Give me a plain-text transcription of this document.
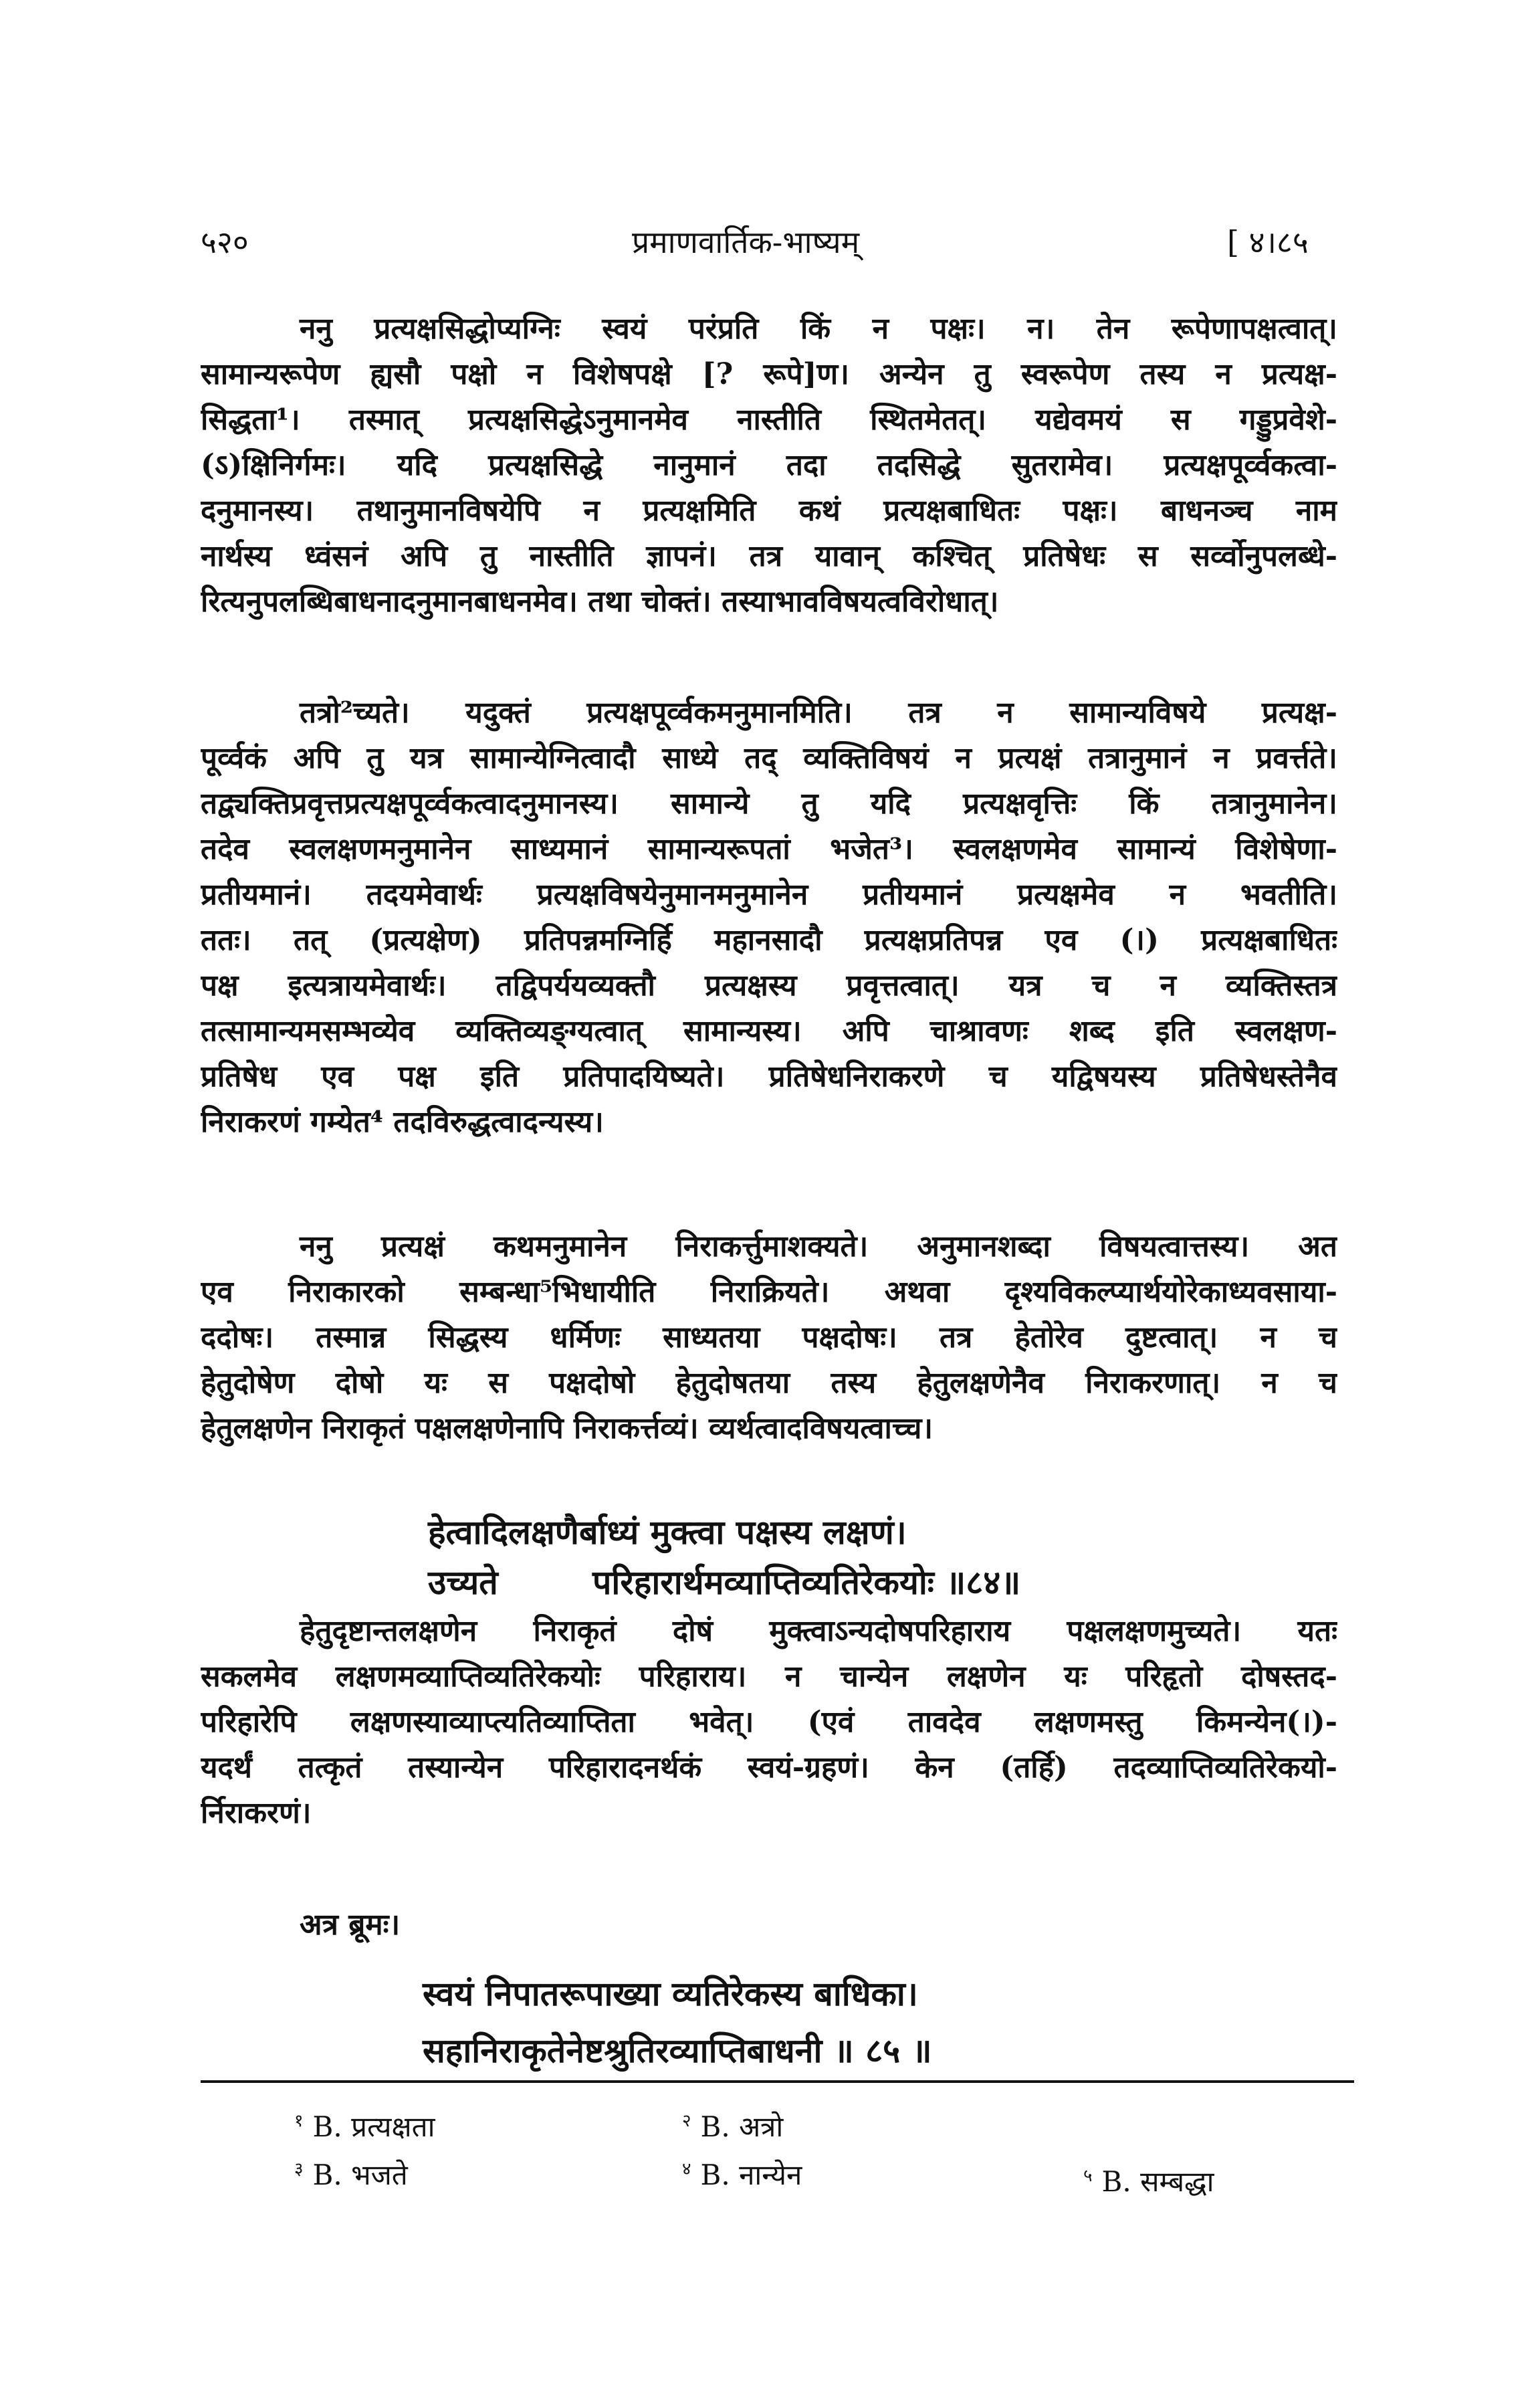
५२०	प्रमाणवार्तिक-भाष्यम्	[ ४।८५
ननु प्रत्यक्षसिद्धोप्यग्निः स्वयं परंप्रति किं न पक्षः। न। तेन रूपेणापक्षत्वात्।
सामान्यरूपेण ह्यसौ पक्षो न विशेषपक्षे [? रूपे]ण। अन्येन तु स्वरूपेण तस्य न प्रत्यक्ष-
सिद्धता¹। तस्मात् प्रत्यक्षसिद्धेऽनुमानमेव नास्तीति स्थितमेतत्। यद्येवमयं स गड्डुप्रवेशे-
(ऽ)क्षिनिर्गमः। यदि प्रत्यक्षसिद्धे नानुमानं तदा तदसिद्धे सुतरामेव। प्रत्यक्षपूर्व्वकत्वा-
दनुमानस्य। तथानुमानविषयेपि न प्रत्यक्षमिति कथं प्रत्यक्षबाधितः पक्षः। बाधनञ्च नाम
नार्थस्य ध्वंसनं अपि तु नास्तीति ज्ञापनं। तत्र यावान् कश्चित् प्रतिषेधः स सर्व्वोनुपलब्धे-
रित्यनुपलब्धिबाधनादनुमानबाधनमेव। तथा चोक्तं। तस्याभावविषयत्वविरोधात्।
तत्रो²च्यते। यदुक्तं प्रत्यक्षपूर्व्वकमनुमानमिति। तत्र न सामान्यविषये प्रत्यक्ष-
पूर्व्वकं अपि तु यत्र सामान्येग्नित्वादौ साध्ये तद् व्यक्तिविषयं न प्रत्यक्षं तत्रानुमानं न प्रवर्त्तते।
तद्व्यक्तिप्रवृत्तप्रत्यक्षपूर्व्वकत्वादनुमानस्य। सामान्ये तु यदि प्रत्यक्षवृत्तिः किं तत्रानुमानेन।
तदेव स्वलक्षणमनुमानेन साध्यमानं सामान्यरूपतां भजेत³। स्वलक्षणमेव सामान्यं विशेषेणा-
प्रतीयमानं। तदयमेवार्थः प्रत्यक्षविषयेनुमानमनुमानेन प्रतीयमानं प्रत्यक्षमेव न भवतीति।
ततः। तत् (प्रत्यक्षेण) प्रतिपन्नमग्निर्हि महानसादौ प्रत्यक्षप्रतिपन्न एव (।) प्रत्यक्षबाधितः
पक्ष इत्यत्रायमेवार्थः। तद्विपर्ययव्यक्तौ प्रत्यक्षस्य प्रवृत्तत्वात्। यत्र च न व्यक्तिस्तत्र
तत्सामान्यमसम्भव्येव व्यक्तिव्यङ्ग्यत्वात् सामान्यस्य। अपि चाश्रावणः शब्द इति स्वलक्षण-
प्रतिषेध एव पक्ष इति प्रतिपादयिष्यते। प्रतिषेधनिराकरणे च यद्विषयस्य प्रतिषेधस्तेनैव
निराकरणं गम्येत⁴ तदविरुद्धत्वादन्यस्य।
ननु प्रत्यक्षं कथमनुमानेन निराकर्त्तुमाशक्यते। अनुमानशब्दा विषयत्वात्तस्य। अत
एव निराकारको सम्बन्धा⁵भिधायीति निराक्रियते। अथवा दृश्यविकल्प्यार्थयोरेकाध्यवसाया-
ददोषः। तस्मान्न सिद्धस्य धर्मिणः साध्यतया पक्षदोषः। तत्र हेतोरेव दुष्टत्वात्। न च
हेतुदोषेण दोषो यः स पक्षदोषो हेतुदोषतया तस्य हेतुलक्षणेनैव निराकरणात्। न च
हेतुलक्षणेन निराकृतं पक्षलक्षणेनापि निराकर्त्तव्यं। व्यर्थत्वादविषयत्वाच्च।
हेत्वादिलक्षणैर्बाध्यं मुक्त्वा पक्षस्य लक्षणं।
उच्यते	परिहारार्थमव्याप्तिव्यतिरेकयोः ॥८४॥
हेतुदृष्टान्तलक्षणेन निराकृतं दोषं मुक्त्वाऽन्यदोषपरिहाराय पक्षलक्षणमुच्यते। यतः
सकलमेव लक्षणमव्याप्तिव्यतिरेकयोः परिहाराय। न चान्येन लक्षणेन यः परिहृतो दोषस्तद-
परिहारेपि लक्षणस्याव्याप्त्यतिव्याप्तिता भवेत्। (एवं तावदेव लक्षणमस्तु किमन्येन(।)-
यदर्थं तत्कृतं तस्यान्येन परिहारादनर्थकं स्वयं-ग्रहणं। केन (तर्हि) तदव्याप्तिव्यतिरेकयो-
र्निराकरणं।
अत्र ब्रूमः।
स्वयं निपातरूपाख्या व्यतिरेकस्य बाधिका।
सहानिराकृतेनेष्टश्रुतिरव्याप्तिबाधनी ॥ ८५ ॥
$^१$ B. प्रत्यक्षता	$^२$ B. अत्रो
$^३$ B. भजते	$^४$ B. नान्येन	$^५$ B. सम्बद्धा
